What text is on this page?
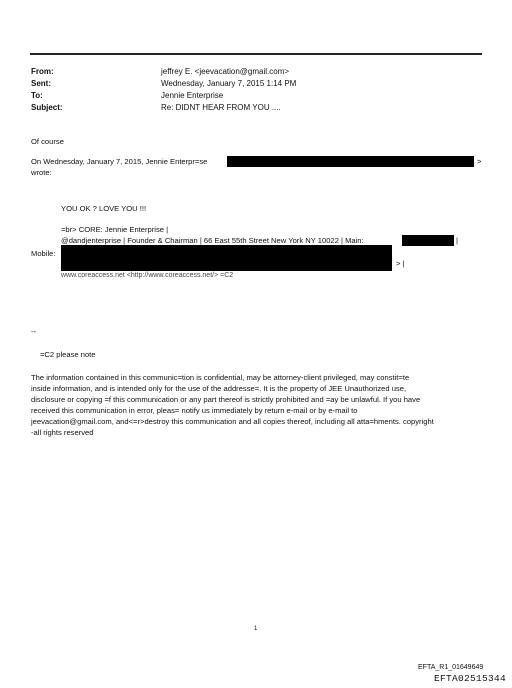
From:	jeffrey E. <jeevacation@gmail.com>
Sent:	Wednesday, January 7, 2015 1:14 PM
To:	Jennie Enterprise
Subject:	Re: DIDNT HEAR FROM YOU ....
Of course
On Wednesday, January 7, 2015, Jennie Enterpr=se	>
wrote:
YOU OK ? LOVE YOU !!!
=br> CORE: Jennie Enterprise |
@dandjenterprise | Founder & Chairman | 66 East 55th Street New York NY 10022 | Main:	|
Mobile:
> |
www.coreaccess.net <http://www.coreaccess.net/> =C2
--
=C2 please note
The information contained in this communic=tion is confidential, may be attorney-client privileged, may constit=te
inside information, and is intended only for the use of the addresse=. It is the property of JEE Unauthorized use,
disclosure or copying =f this communication or any part thereof is strictly prohibited and =ay be unlawful. If you have
received this communication in error, pleas= notify us immediately by return e-mail or by e-mail to
jeevacation@gmail.com, and<=r>destroy this communication and all copies thereof, including all atta=hments. copyright
-all rights reserved
1
EFTA_R1_01649649
EFTA02515344
